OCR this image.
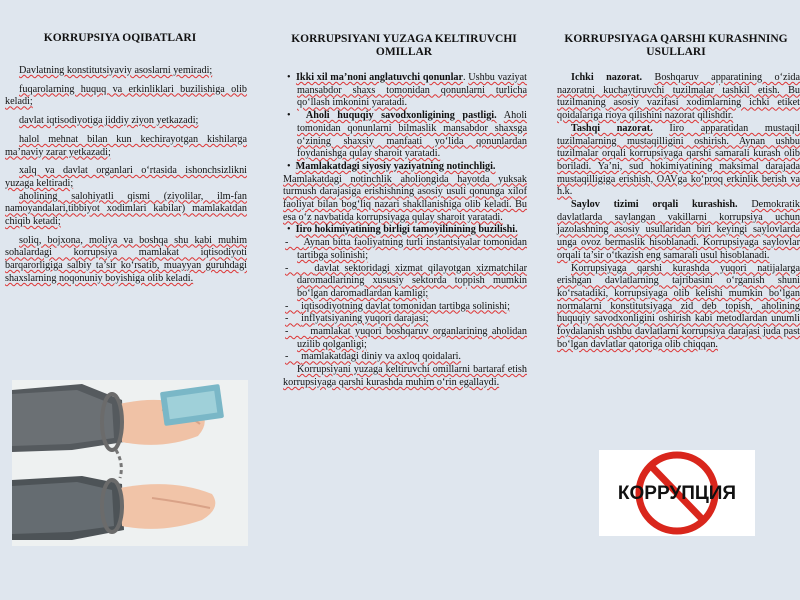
KORRUPSIYA OQIBATLARI

Davlatning konstitutsiyaviy asoslarni yemiradi;

fuqarolarning huquq va erkinliklari buzilishiga olib keladi;

davlat iqtisodiyotiga jiddiy ziyon yetkazadi;

halol mehnat bilan kun kechirayotgan kishilarga ma’naviy zarar yetkazadi;

xalq va davlat organlari o‘rtasida ishonchsizlikni yuzaga keltiradi;

aholining salohiyatli qismi (ziyolilar, ilm-fan namoyandalari,tibbiyot xodimlari kabilar) mamlakatdan chiqib ketadi;

soliq, bojxona, moliya va boshqa shu kabi muhim sohalardagi korrupsiya mamlakat iqtisodiyoti barqarorligiga salbiy ta’sir ko‘rsatib, muayyan guruhdagi shaxslarning noqonuniy boyishiga olib keladi.

KORRUPSIYANI YUZAGA KELTIRUVCHI OMILLAR

•  Ikki xil ma’noni anglatuvchi qonunlar. Ushbu vaziyat mansabdor shaxs tomonidan qonunlarni turlicha qo‘llash imkonini yaratadi.

•  Aholi huquqiy savodxonligining pastligi. Aholi tomonidan qonunlarni bilmaslik mansabdor shaxsga o‘zining shaxsiy manfaati yo‘lida qonunlardan foydanishga qulay sharoit yaratadi.

•  Mamlakatdagi siyosiy yaziyatning notinchligi.

Mamlakatdagi notinchlik aholiongida hayotda yuksak turmush darajasiga erishishning asosiy usuli qonunga xilof faoliyat bilan bog‘liq nazari shakllanishiga olib keladi. Bu esa o‘z navbatida korrupsiyaga qulay sharoit yaratadi.

•  Iiro hokimiyatining birligi tamoyilinining buzilishi.

-     Aynan bitta faoliyatning turli instantsiyalar tomonidan tartibga solinishi;

-     davlat sektoridagi xizmat qilayotgan xizmatchilar daromadlarining xususiy sektorda toppish mumkin bo‘lgan daromadlardan kamligi;

-     iqtisodiyotning davlat tomonidan tartibga solinishi;

-     inflyatsiyaning yuqori darajasi;

-     mamlakat yuqori boshqaruv organlarining aholidan uzilib qolganligi;

-     mamlakatdagi diniy va axloq qoidalari.

Korrupsiyani yuzaga keltiruvchi omillarni bartaraf etish korrupsiyaga qarshi kurashda muhim o‘rin egallaydi.

KORRUPSIYAGA QARSHI KURASHNING USULLARI

Ichki nazorat. Boshqaruv apparatining o‘zida nazoratni kuchaytiruvchi tuzilmalar tashkil etish. Bu tuzilmaning asosiy vazifasi xodimlarning ichki etiket qoidalariga rioya qilishini nazorat qilishdir.

Tashqi nazorat. Iiro apparatidan mustaqil tuzilmalarning mustaqilligini oshirish. Aynan ushbu tuzilmalar orqali korrupsiyaga qarshi samarali kurash olib boriladi. Ya’ni, sud hokimiyatining maksimal darajada mustaqilligiga erishish, OAVga ko‘proq erkinlik berish va h.k.

Saylov tizimi orqali kurashish. Demokratik davlatlarda saylangan vakillarni korrupsiya uchun jazolashning asosiy usullaridan biri keyingi saylovlarda unga ovoz bermaslik hisoblanadi. Korrupsiyaga saylovlar orqali ta’sir o‘tkazish eng samarali usul hisoblanadi.

Korrupsiyaga qarshi kurashda yuqori natijalarga erishgan davlatlarning tajribasini o‘rganish shuni ko‘rsatadiki, korrupsiyaga olib kelishi mumkin bo‘lgan normalarni konstitutsiyaga zid deb topish, aholining huquqiy savodxonligini oshirish kabi metodlardan unumli foydalanish ushbu davlatlarni korrupsiya darajasi juda past bo‘lgan davlatlar qatoriga olib chiqqan.

КОРРУПЦИЯ
